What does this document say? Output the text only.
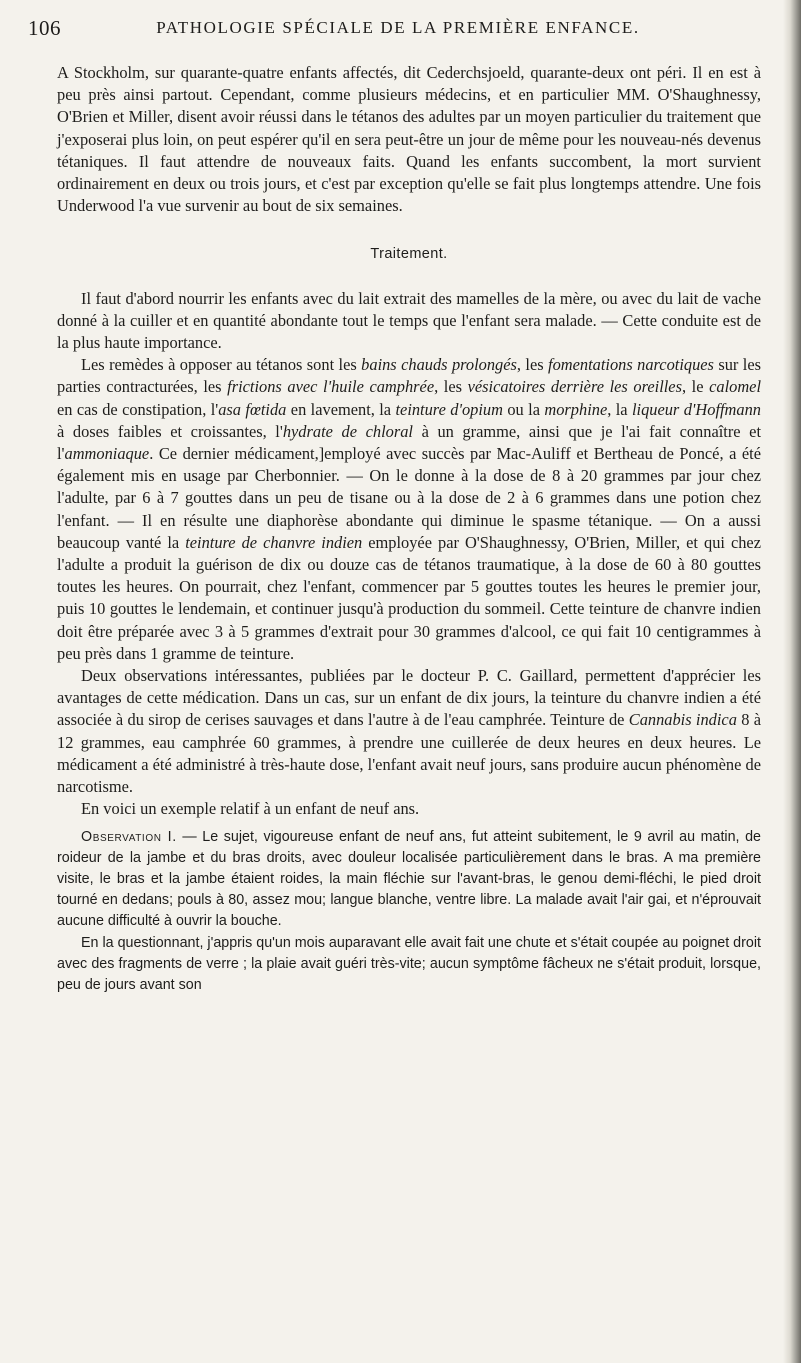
106	PATHOLOGIE SPÉCIALE DE LA PREMIÈRE ENFANCE.

A Stockholm, sur quarante-quatre enfants affectés, dit Cederchsjoeld, quarante-deux ont péri. Il en est à peu près ainsi partout. Cependant, comme plusieurs médecins, et en particulier MM. O'Shaughnessy, O'Brien et Miller, disent avoir réussi dans le tétanos des adultes par un moyen particulier du traitement que j'exposerai plus loin, on peut espérer qu'il en sera peut-être un jour de même pour les nouveau-nés devenus tétaniques. Il faut attendre de nouveaux faits. Quand les enfants succombent, la mort survient ordinairement en deux ou trois jours, et c'est par exception qu'elle se fait plus longtemps attendre. Une fois Underwood l'a vue survenir au bout de six semaines.

Traitement.

Il faut d'abord nourrir les enfants avec du lait extrait des mamelles de la mère, ou avec du lait de vache donné à la cuiller et en quantité abondante tout le temps que l'enfant sera malade. — Cette conduite est de la plus haute importance.

Les remèdes à opposer au tétanos sont les bains chauds prolongés, les fomentations narcotiques sur les parties contracturées, les frictions avec l'huile camphrée, les vésicatoires derrière les oreilles, le calomel en cas de constipation, l'asa fœtida en lavement, la teinture d'opium ou la morphine, la liqueur d'Hoffmann à doses faibles et croissantes, l'hydrate de chloral à un gramme, ainsi que je l'ai fait connaître et l'ammoniaque. Ce dernier médicament,]employé avec succès par Mac-Auliff et Bertheau de Poncé, a été également mis en usage par Cherbonnier. — On le donne à la dose de 8 à 20 grammes par jour chez l'adulte, par 6 à 7 gouttes dans un peu de tisane ou à la dose de 2 à 6 grammes dans une potion chez l'enfant. — Il en résulte une diaphorèse abondante qui diminue le spasme tétanique. — On a aussi beaucoup vanté la teinture de chanvre indien employée par O'Shaughnessy, O'Brien, Miller, et qui chez l'adulte a produit la guérison de dix ou douze cas de tétanos traumatique, à la dose de 60 à 80 gouttes toutes les heures. On pourrait, chez l'enfant, commencer par 5 gouttes toutes les heures le premier jour, puis 10 gouttes le lendemain, et continuer jusqu'à production du sommeil. Cette teinture de chanvre indien doit être préparée avec 3 à 5 grammes d'extrait pour 30 grammes d'alcool, ce qui fait 10 centigrammes à peu près dans 1 gramme de teinture.

Deux observations intéressantes, publiées par le docteur P. C. Gaillard, permettent d'apprécier les avantages de cette médication. Dans un cas, sur un enfant de dix jours, la teinture du chanvre indien a été associée à du sirop de cerises sauvages et dans l'autre à de l'eau camphrée. Teinture de Cannabis indica 8 à 12 grammes, eau camphrée 60 grammes, à prendre une cuillerée de deux heures en deux heures. Le médicament a été administré à très-haute dose, l'enfant avait neuf jours, sans produire aucun phénomène de narcotisme.

En voici un exemple relatif à un enfant de neuf ans.

Observation I. — Le sujet, vigoureuse enfant de neuf ans, fut atteint subitement, le 9 avril au matin, de roideur de la jambe et du bras droits, avec douleur localisée particulièrement dans le bras. A ma première visite, le bras et la jambe étaient roides, la main fléchie sur l'avant-bras, le genou demi-fléchi, le pied droit tourné en dedans; pouls à 80, assez mou; langue blanche, ventre libre. La malade avait l'air gai, et n'éprouvait aucune difficulté à ouvrir la bouche.

En la questionnant, j'appris qu'un mois auparavant elle avait fait une chute et s'était coupée au poignet droit avec des fragments de verre ; la plaie avait guéri très-vite; aucun symptôme fâcheux ne s'était produit, lorsque, peu de jours avant son
